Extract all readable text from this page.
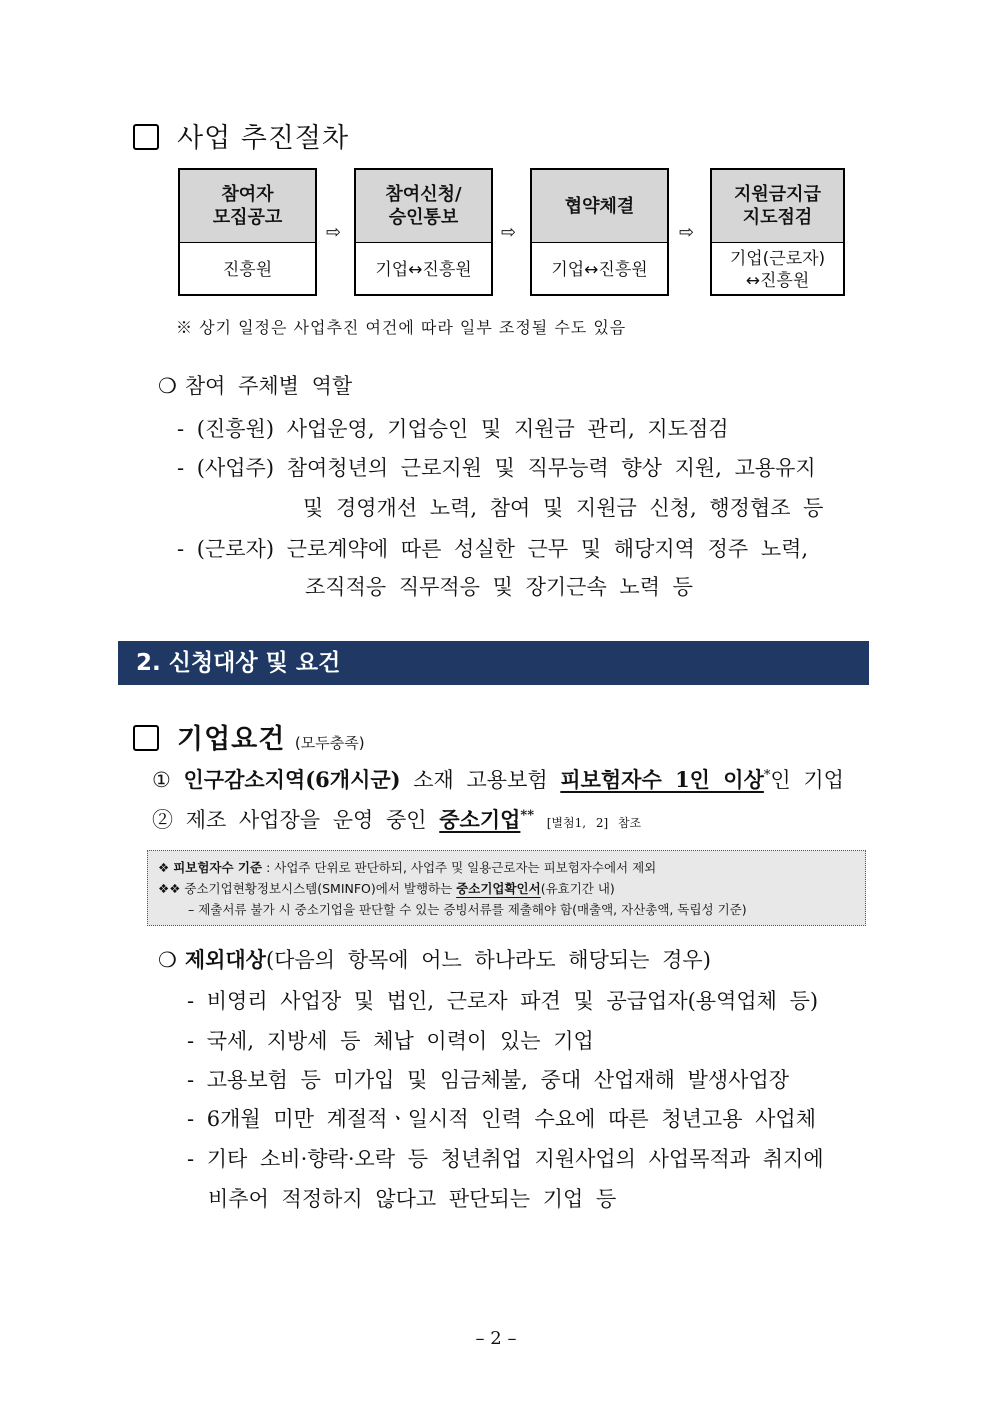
사업 추진절차
참여자
모집공고
진흥원
⇨
참여신청/
승인통보
기업↔진흥원
⇨
협약체결
기업↔진흥원
⇨
지원금지급
지도점검
기업(근로자)
↔진흥원
※ 상기 일정은 사업추진 여건에 따라 일부 조정될 수도 있음
❍ 참여 주체별 역할
- (진흥원) 사업운영, 기업승인 및 지원금 관리, 지도점검
- (사업주) 참여청년의 근로지원 및 직무능력 향상 지원, 고용유지
및 경영개선 노력, 참여 및 지원금 신청, 행정협조 등
- (근로자) 근로계약에 따른 성실한 근무 및 해당지역 정주 노력,
조직적응 직무적응 및 장기근속 노력 등
2. 신청대상 및 요건
기업요건 (모두충족)
① 인구감소지역(6개시군) 소재 고용보험 피보험자수 1인 이상*인 기업
② 제조 사업장을 운영 중인 중소기업** [별첨1, 2] 참조
❖ 피보험자수 기준 : 사업주 단위로 판단하되, 사업주 및 일용근로자는 피보험자수에서 제외
❖❖ 중소기업현황정보시스템(SMINFO)에서 발행하는 중소기업확인서(유효기간 내)
– 제출서류 불가 시 중소기업을 판단할 수 있는 증빙서류를 제출해야 함(매출액, 자산총액, 독립성 기준)
❍ 제외대상(다음의 항목에 어느 하나라도 해당되는 경우)
- 비영리 사업장 및 법인, 근로자 파견 및 공급업자(용역업체 등)
- 국세, 지방세 등 체납 이력이 있는 기업
- 고용보험 등 미가입 및 임금체불, 중대 산업재해 발생사업장
- 6개월 미만 계절적ㆍ일시적 인력 수요에 따른 청년고용 사업체
- 기타 소비·향락·오락 등 청년취업 지원사업의 사업목적과 취지에
비추어 적정하지 않다고 판단되는 기업 등
– 2 –
